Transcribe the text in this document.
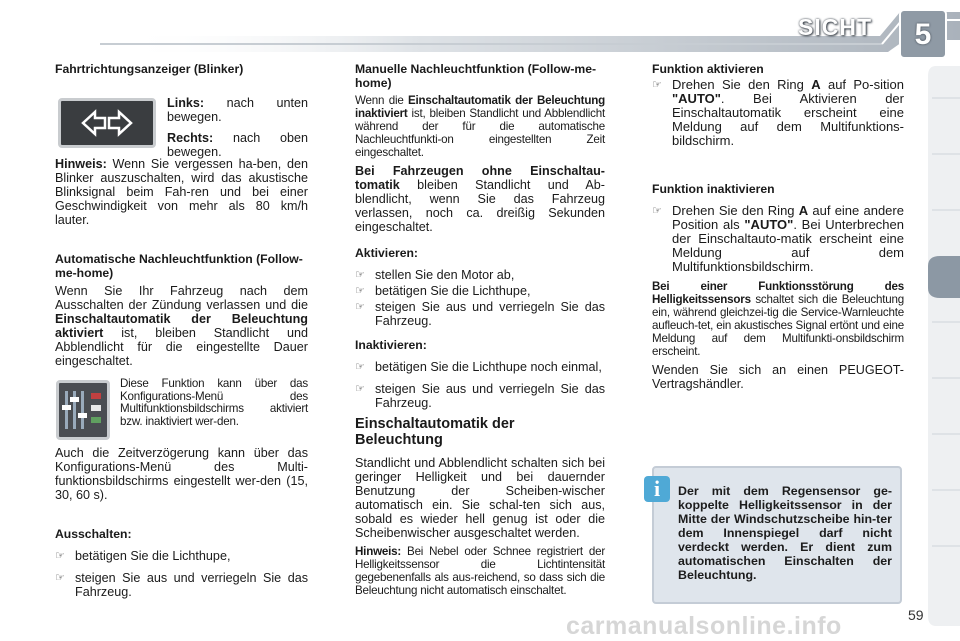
SICHT	5
Fahrtrichtungsanzeiger (Blinker)

Links: nach unten bewegen.

Rechts: nach oben bewegen.

Hinweis: Wenn Sie vergessen ha-ben, den Blinker auszuschalten, wird das akustische Blinksignal beim Fah-ren und bei einer Geschwindigkeit von mehr als 80 km/h lauter.

Automatische Nachleuchtfunktion (Follow-me-home)

Wenn Sie Ihr Fahrzeug nach dem Ausschalten der Zündung verlassen und die Einschaltautomatik der Beleuchtung aktiviert ist, bleiben Standlicht und Abblendlicht für die eingestellte Dauer eingeschaltet.

Diese Funktion kann über das Konfigurations-Menü des Multifunktionsbildschirms aktiviert bzw. inaktiviert wer-den.

Auch die Zeitverzögerung kann über das Konfigurations-Menü des Multi-funktionsbildschirms eingestellt wer-den (15, 30, 60 s).

Ausschalten:
☞ betätigen Sie die Lichthupe,
☞ steigen Sie aus und verriegeln Sie das Fahrzeug.
Manuelle Nachleuchtfunktion (Follow-me-home)

Wenn die Einschaltautomatik der Beleuchtung inaktiviert ist, bleiben Standlicht und Abblendlicht während der für die automatische Nachleuchtfunkti-on eingestellten Zeit eingeschaltet.

Bei Fahrzeugen ohne Einschaltau-tomatik bleiben Standlicht und Ab-blendlicht, wenn Sie das Fahrzeug verlassen, noch ca. dreißig Sekunden eingeschaltet.

Aktivieren:
☞ stellen Sie den Motor ab,
☞ betätigen Sie die Lichthupe,
☞ steigen Sie aus und verriegeln Sie das Fahrzeug.
Inaktivieren:
☞ betätigen Sie die Lichthupe noch einmal,
☞ steigen Sie aus und verriegeln Sie das Fahrzeug.
Einschaltautomatik der Beleuchtung

Standlicht und Abblendlicht schalten sich bei geringer Helligkeit und bei dauernder Benutzung der Scheiben-wischer automatisch ein. Sie schal-ten sich aus, sobald es wieder hell genug ist oder die Scheibenwischer ausgeschaltet werden.

Hinweis: Bei Nebel oder Schnee registriert der Helligkeitssensor die Lichtintensität gegebenenfalls als aus-reichend, so dass sich die Beleuchtung nicht automatisch einschaltet.

Funktion aktivieren
☞ Drehen Sie den Ring A auf Po-sition "AUTO". Bei Aktivieren der Einschaltautomatik erscheint eine Meldung auf dem Multifunktions-bildschirm.
Funktion inaktivieren
☞ Drehen Sie den Ring A auf eine andere Position als "AUTO". Bei Unterbrechen der Einschaltauto-matik erscheint eine Meldung auf dem Multifunktionsbildschirm.

Bei einer Funktionsstörung des Helligkeitssensors schaltet sich die Beleuchtung ein, während gleichzei-tig die Service-Warnleuchte aufleuch-tet, ein akustisches Signal ertönt und eine Meldung auf dem Multifunkti-onsbildschirm erscheint.

Wenden Sie sich an einen PEUGEOT-Vertragshändler.

Der mit dem Regensensor ge-koppelte Helligkeitssensor in der Mitte der Windschutzscheibe hin-ter dem Innenspiegel darf nicht verdeckt werden. Er dient zum automatischen Einschalten der Beleuchtung.
i
59
carmanualsonline.info
